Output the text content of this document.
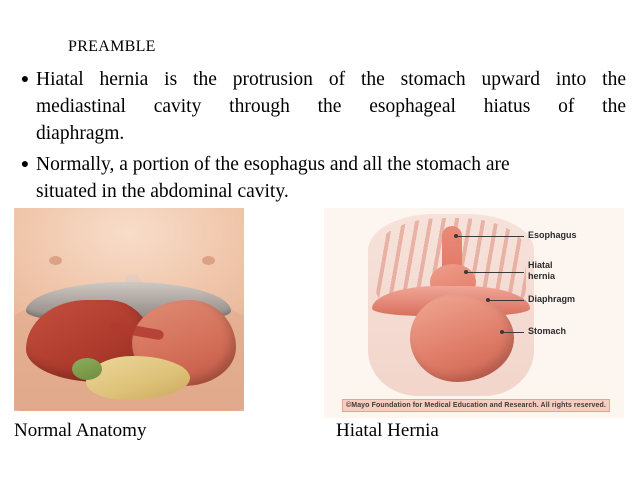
PREAMBLE
● Hiatal hernia is the protrusion of the stomach upward into the
mediastinal cavity through the esophageal hiatus of the
diaphragm.
● Normally, a portion of the esophagus and all the stomach are
situated in the abdominal cavity.
Esophagus
Hiatal
hernia
Diaphragm
Stomach
©Mayo Foundation for Medical Education and Research. All rights reserved.
Normal Anatomy	Hiatal Hernia
